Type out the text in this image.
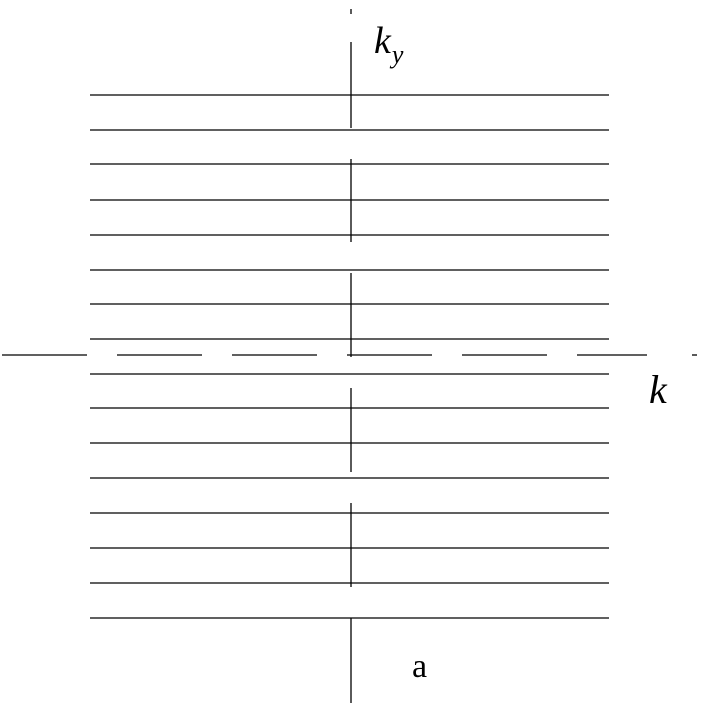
$k_y$
k
a
